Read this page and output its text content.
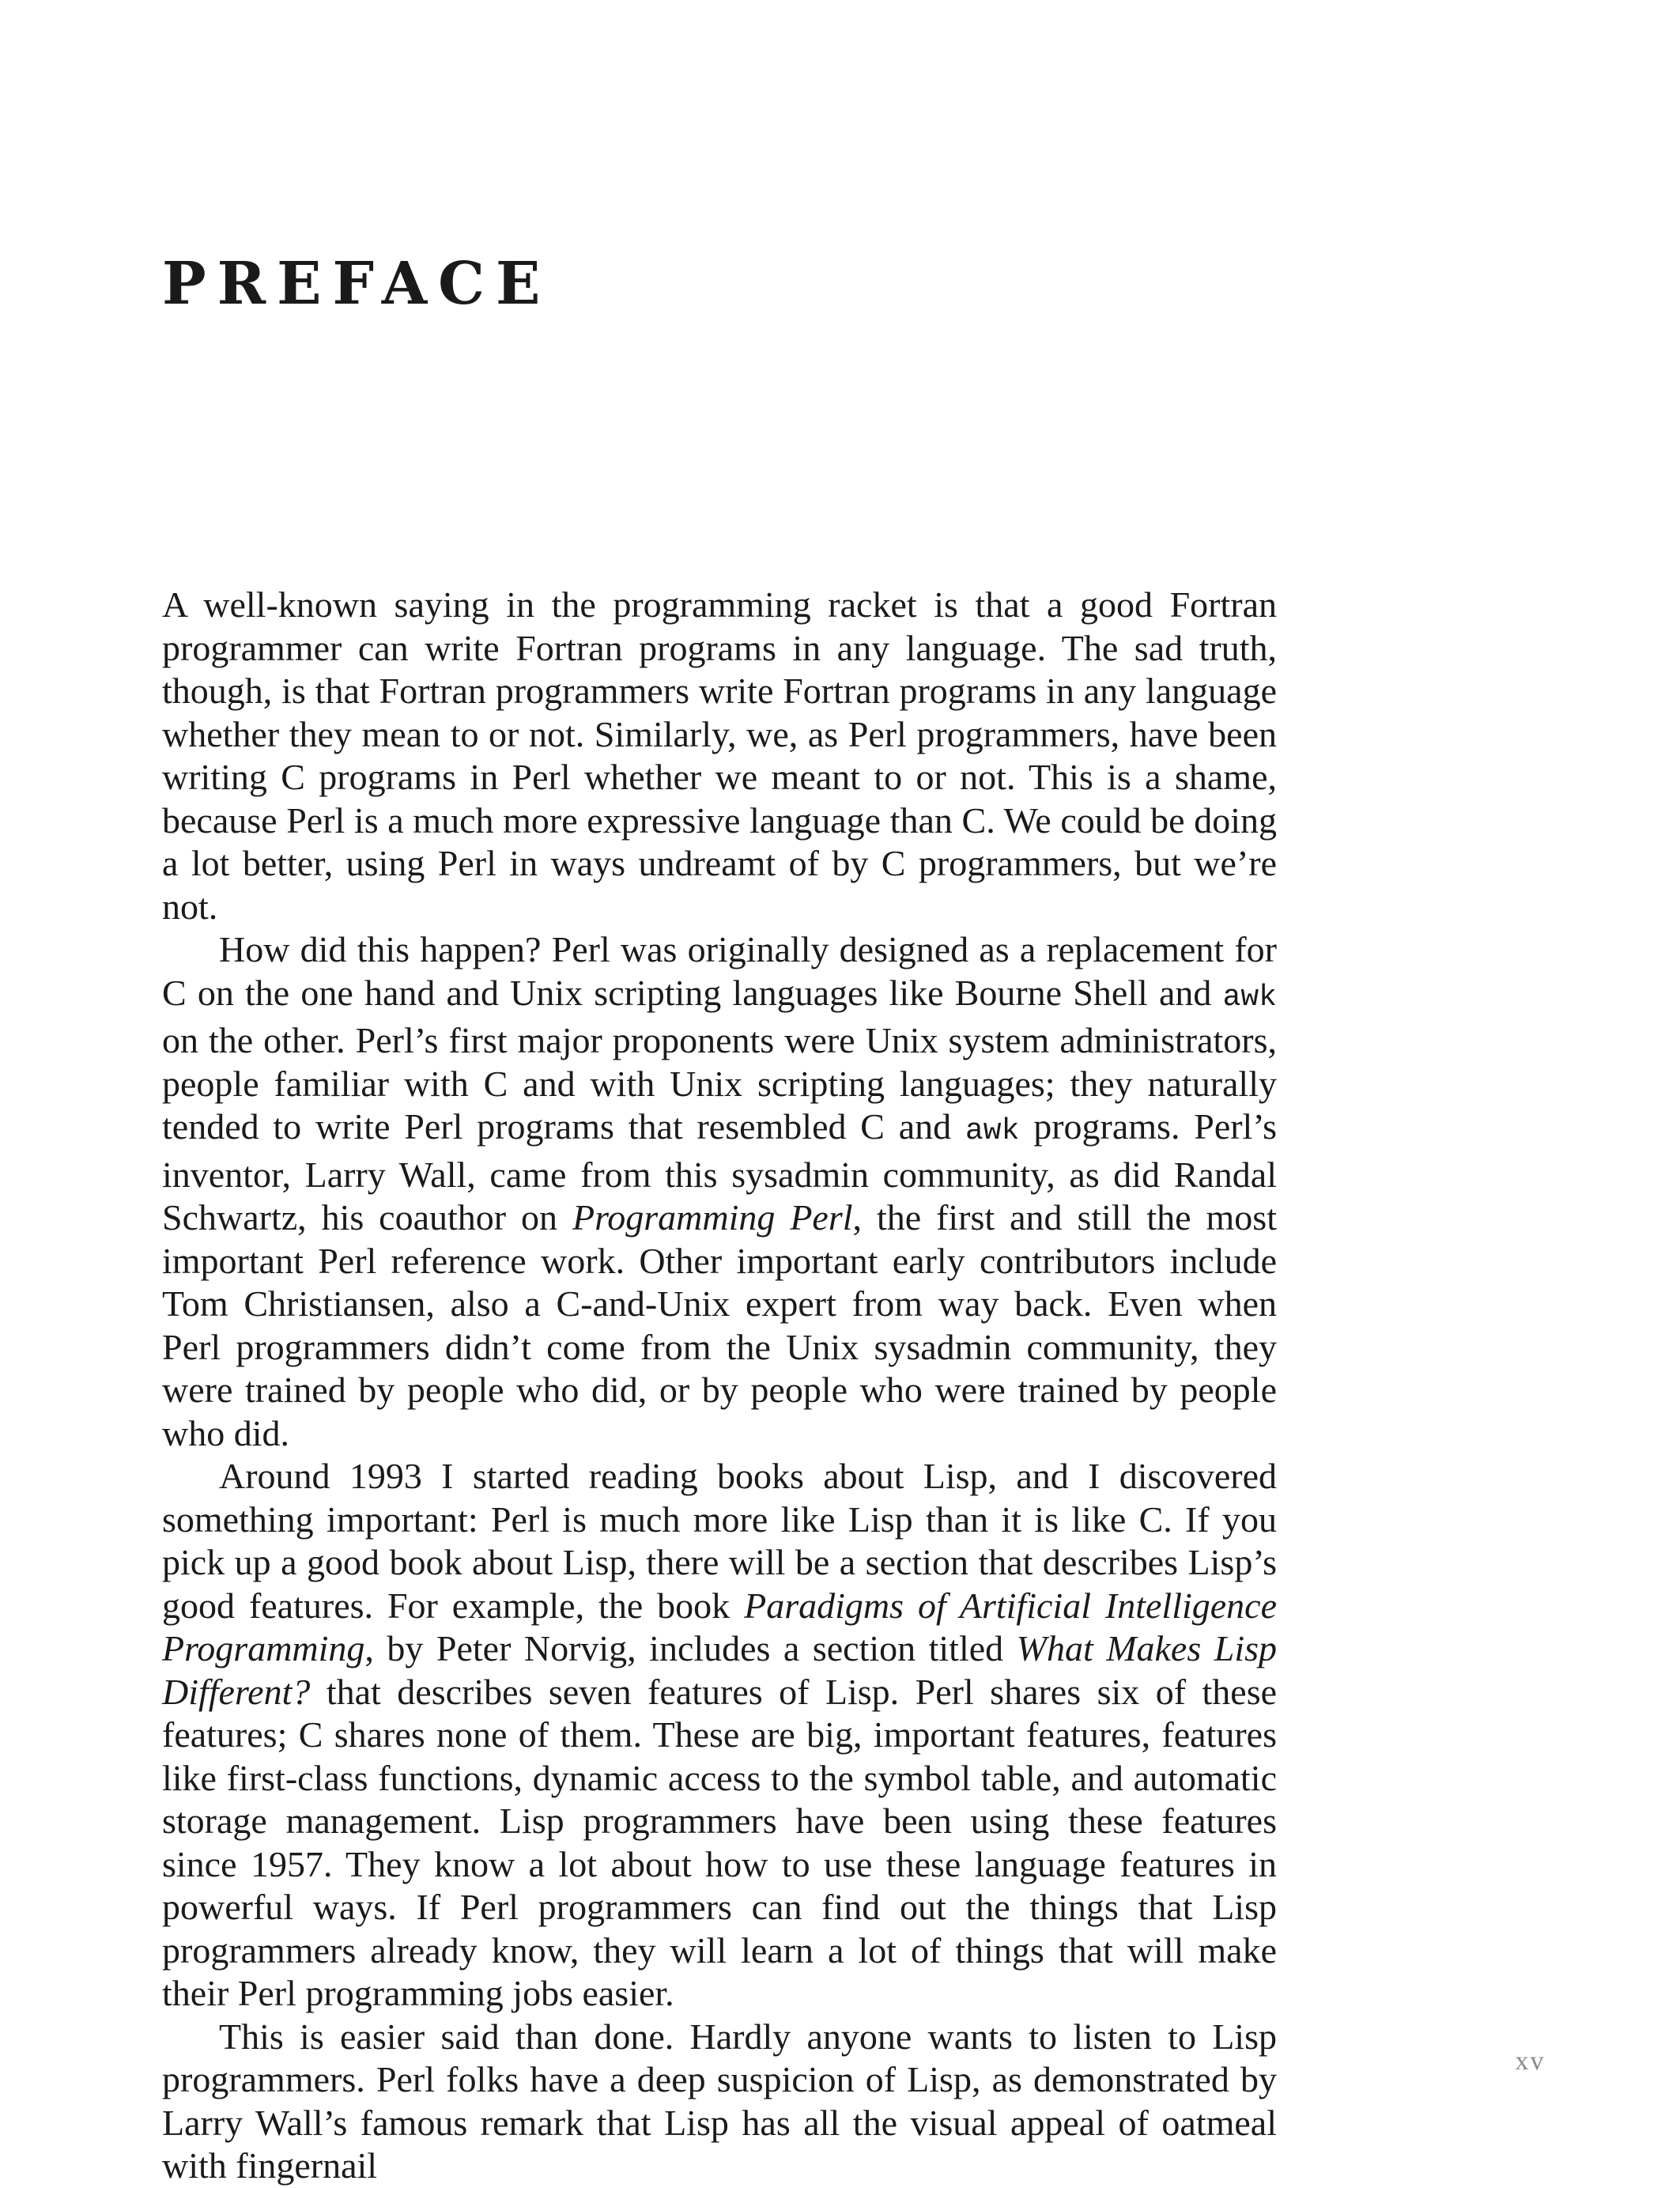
PREFACE

A well-known saying in the programming racket is that a good Fortran programmer can write Fortran programs in any language. The sad truth, though, is that Fortran programmers write Fortran programs in any language whether they mean to or not. Similarly, we, as Perl programmers, have been writing C programs in Perl whether we meant to or not. This is a shame, because Perl is a much more expressive language than C. We could be doing a lot better, using Perl in ways undreamt of by C programmers, but we’re not.

How did this happen? Perl was originally designed as a replacement for C on the one hand and Unix scripting languages like Bourne Shell and awk on the other. Perl’s first major proponents were Unix system administrators, people familiar with C and with Unix scripting languages; they naturally tended to write Perl programs that resembled C and awk programs. Perl’s inventor, Larry Wall, came from this sysadmin community, as did Randal Schwartz, his coauthor on Programming Perl, the first and still the most important Perl reference work. Other important early contributors include Tom Christiansen, also a C-and-Unix expert from way back. Even when Perl programmers didn’t come from the Unix sysadmin community, they were trained by people who did, or by people who were trained by people who did.

Around 1993 I started reading books about Lisp, and I discovered something important: Perl is much more like Lisp than it is like C. If you pick up a good book about Lisp, there will be a section that describes Lisp’s good features. For example, the book Paradigms of Artificial Intelligence Programming, by Peter Norvig, includes a section titled What Makes Lisp Different? that describes seven features of Lisp. Perl shares six of these features; C shares none of them. These are big, important features, features like first-class functions, dynamic access to the symbol table, and automatic storage management. Lisp programmers have been using these features since 1957. They know a lot about how to use these language features in powerful ways. If Perl programmers can find out the things that Lisp programmers already know, they will learn a lot of things that will make their Perl programming jobs easier.

This is easier said than done. Hardly anyone wants to listen to Lisp programmers. Perl folks have a deep suspicion of Lisp, as demonstrated by Larry Wall’s famous remark that Lisp has all the visual appeal of oatmeal with fingernail

xv
